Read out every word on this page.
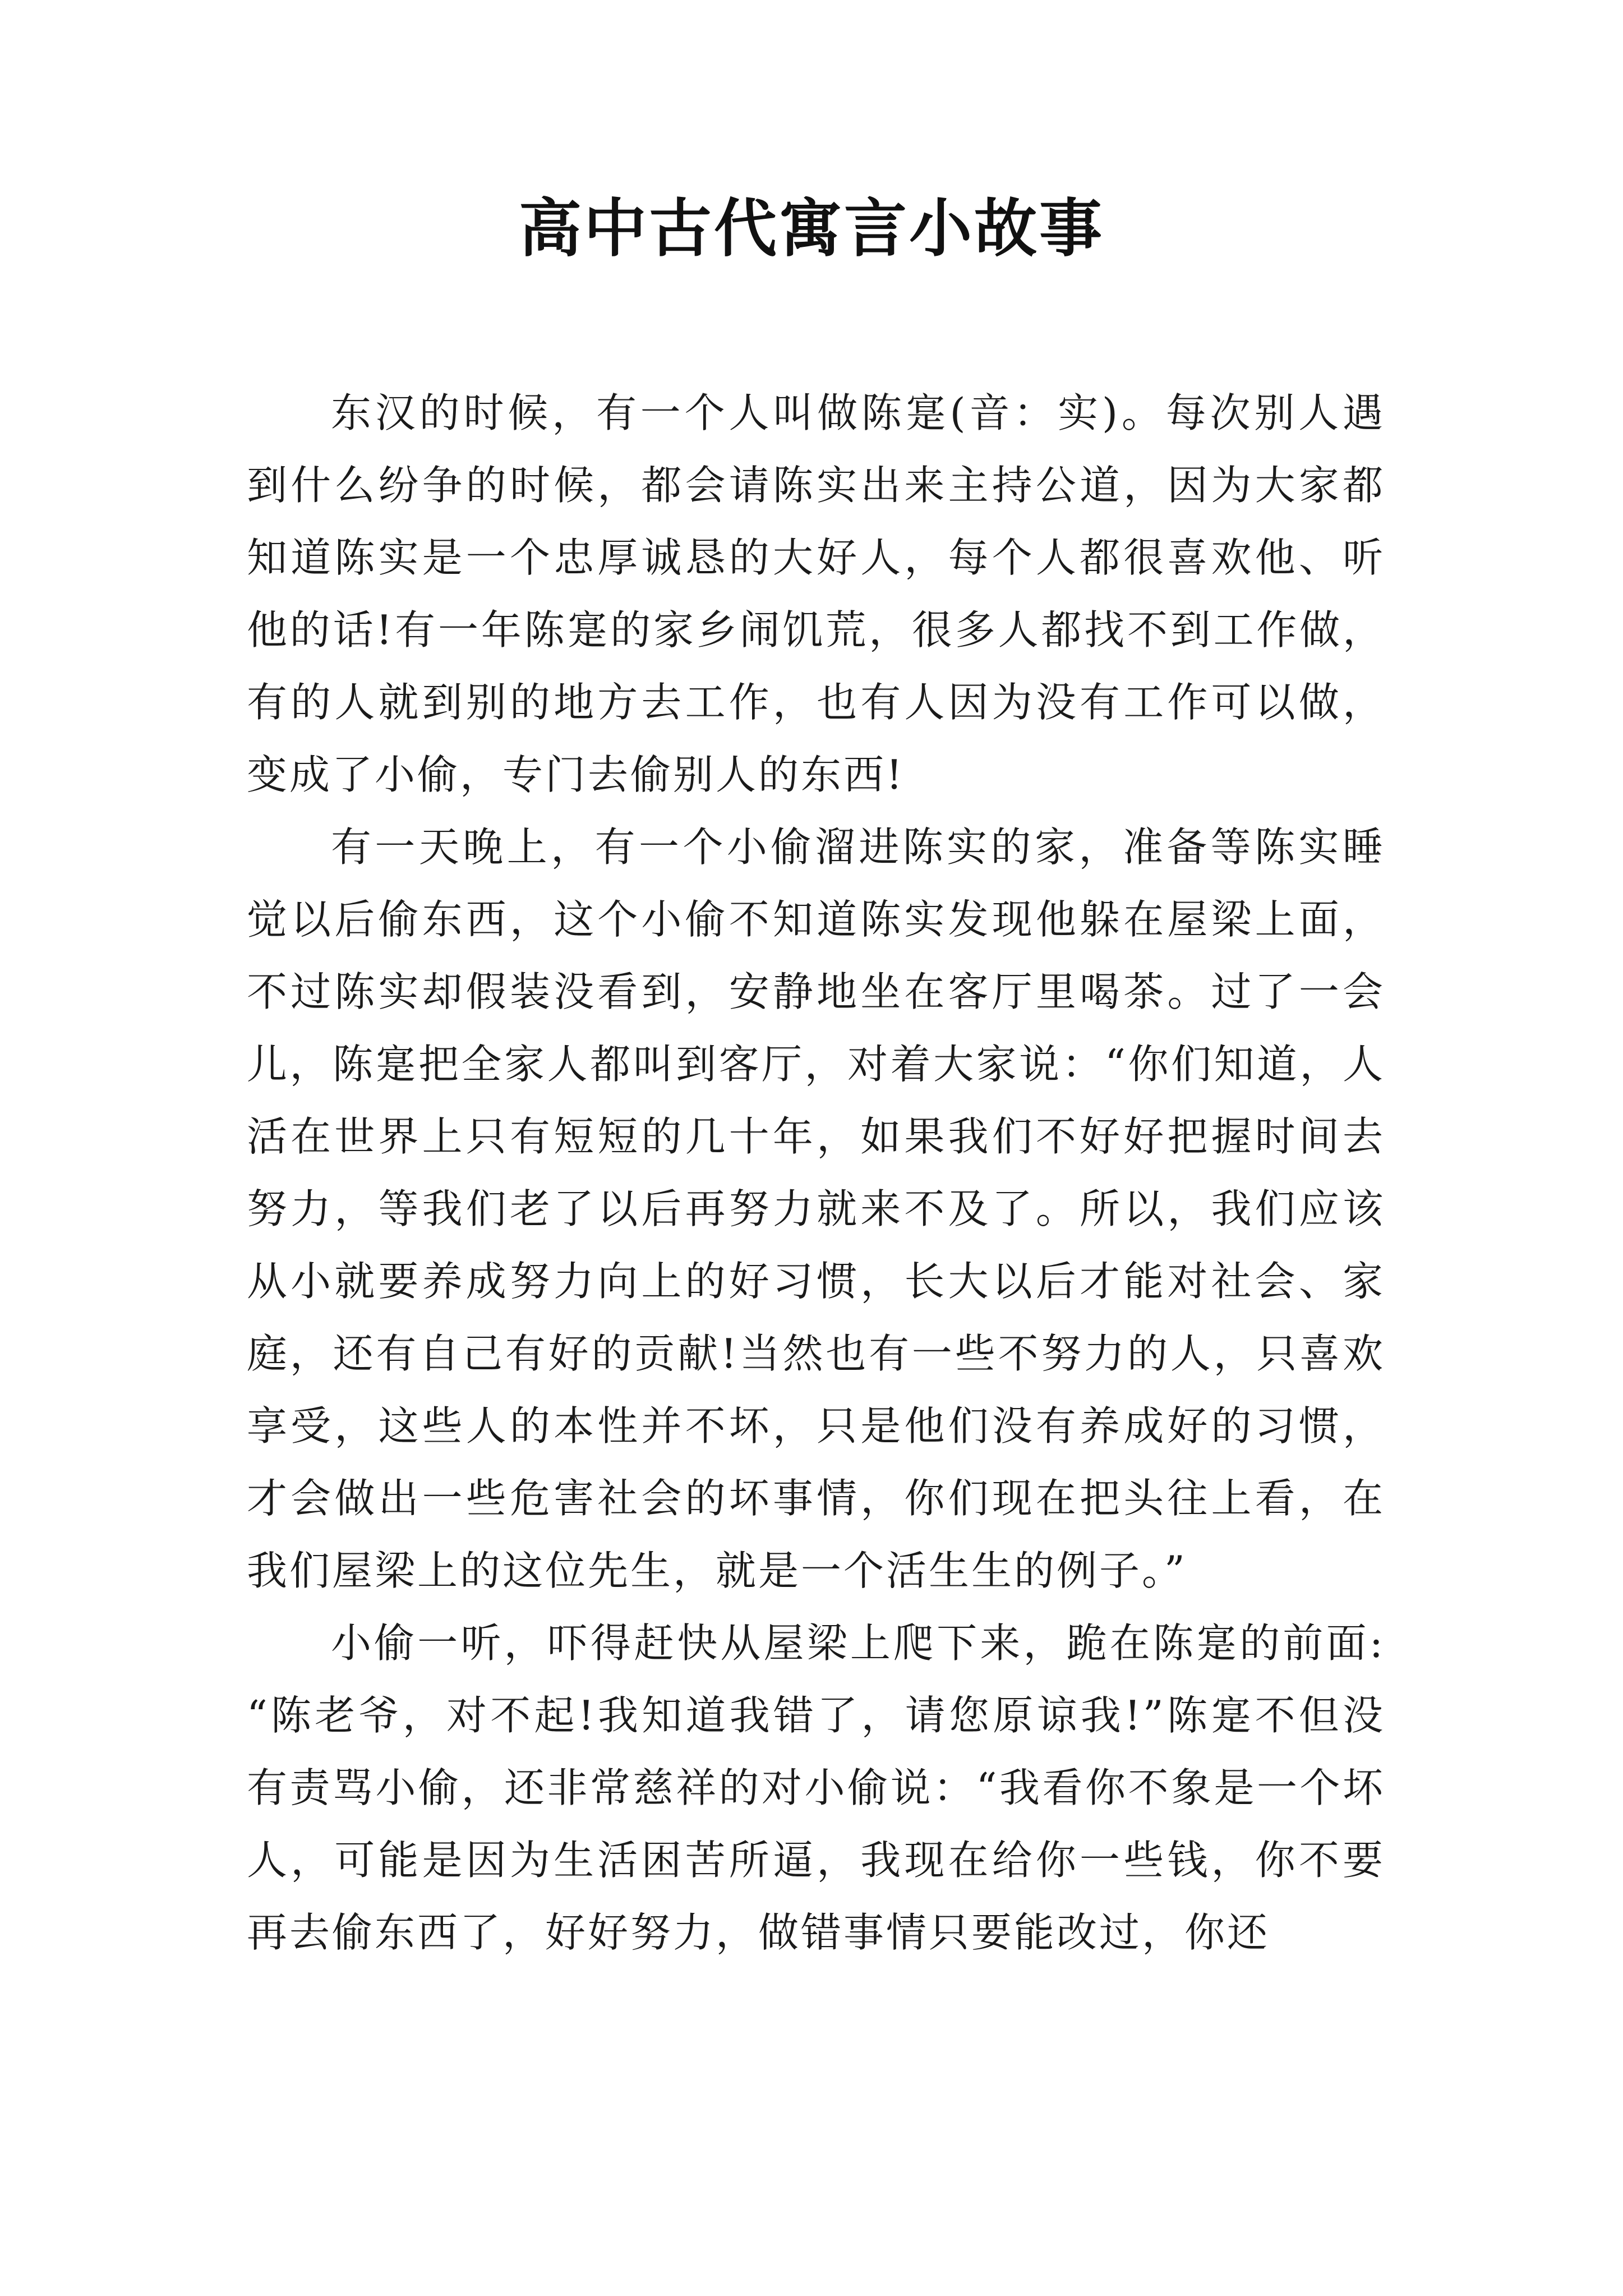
高中古代寓言小故事

东汉的时候，有一个人叫做陈寔(音：实)。每次别人遇到什么纷争的时候，都会请陈实出来主持公道，因为大家都知道陈实是一个忠厚诚恳的大好人，每个人都很喜欢他、听他的话!有一年陈寔的家乡闹饥荒，很多人都找不到工作做，有的人就到别的地方去工作，也有人因为没有工作可以做，变成了小偷，专门去偷别人的东西!

有一天晚上，有一个小偷溜进陈实的家，准备等陈实睡觉以后偷东西，这个小偷不知道陈实发现他躲在屋梁上面，不过陈实却假装没看到，安静地坐在客厅里喝茶。过了一会儿，陈寔把全家人都叫到客厅，对着大家说：“你们知道，人活在世界上只有短短的几十年，如果我们不好好把握时间去努力，等我们老了以后再努力就来不及了。所以，我们应该从小就要养成努力向上的好习惯，长大以后才能对社会、家庭，还有自己有好的贡献!当然也有一些不努力的人，只喜欢享受，这些人的本性并不坏，只是他们没有养成好的习惯，才会做出一些危害社会的坏事情，你们现在把头往上看，在我们屋梁上的这位先生，就是一个活生生的例子。”

小偷一听，吓得赶快从屋梁上爬下来，跪在陈寔的前面:“陈老爷，对不起!我知道我错了，请您原谅我!”陈寔不但没有责骂小偷，还非常慈祥的对小偷说：“我看你不象是一个坏人，可能是因为生活困苦所逼，我现在给你一些钱，你不要再去偷东西了，好好努力，做错事情只要能改过，你还
